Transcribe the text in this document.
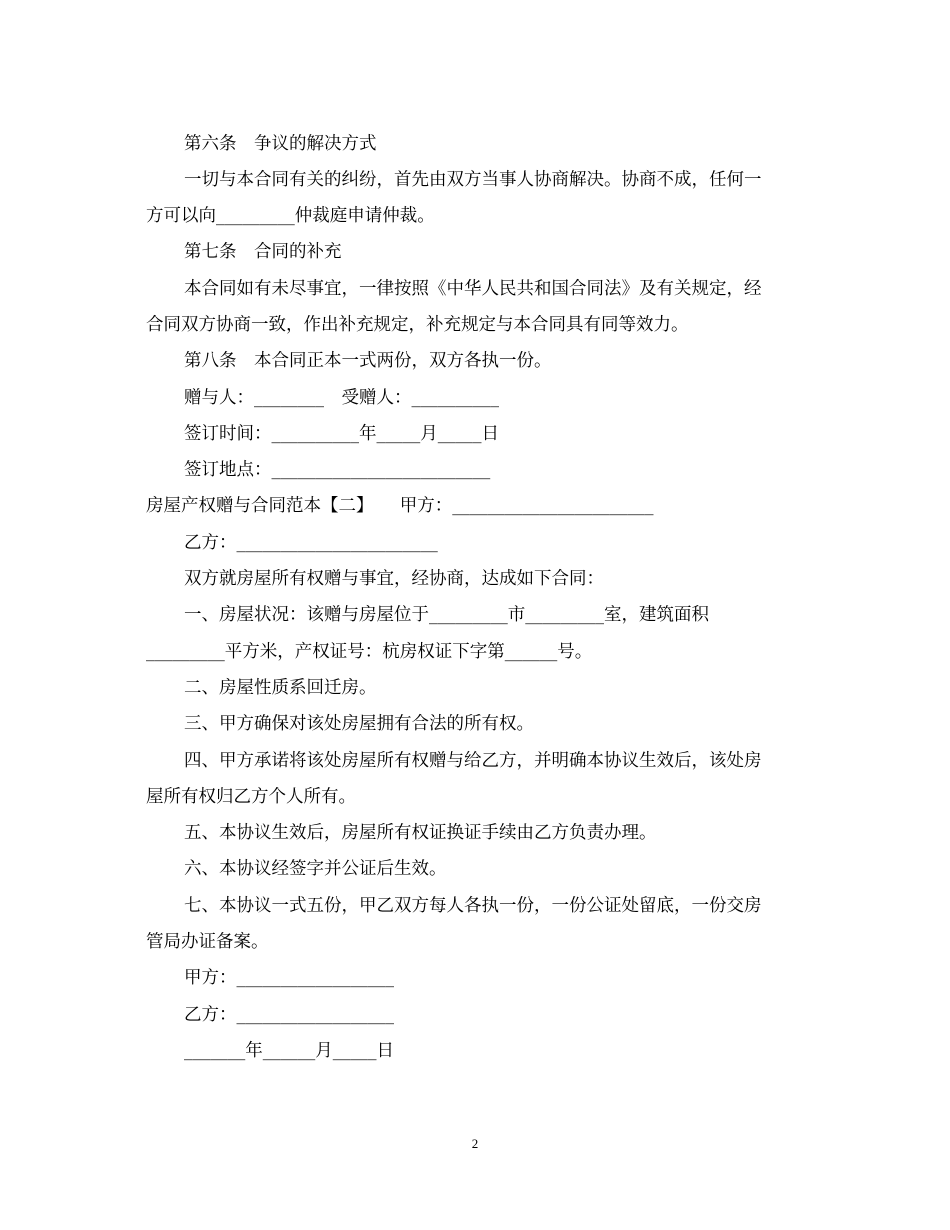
第六条　争议的解决方式
一切与本合同有关的纠纷，首先由双方当事人协商解决。协商不成，任何一
方可以向_________仲裁庭申请仲裁。
第七条　合同的补充
本合同如有未尽事宜，一律按照《中华人民共和国合同法》及有关规定，经
合同双方协商一致，作出补充规定，补充规定与本合同具有同等效力。
第八条　本合同正本一式两份，双方各执一份。
赠与人：________　受赠人：__________
签订时间：__________年_____月_____日
签订地点：_________________________
房屋产权赠与合同范本【二】　　甲方：_______________________
乙方：_______________________
双方就房屋所有权赠与事宜，经协商，达成如下合同：
一、房屋状况：该赠与房屋位于_________市_________室，建筑面积
_________平方米，产权证号：杭房权证下字第______号。
二、房屋性质系回迁房。
三、甲方确保对该处房屋拥有合法的所有权。
四、甲方承诺将该处房屋所有权赠与给乙方，并明确本协议生效后，该处房
屋所有权归乙方个人所有。
五、本协议生效后，房屋所有权证换证手续由乙方负责办理。
六、本协议经签字并公证后生效。
七、本协议一式五份，甲乙双方每人各执一份，一份公证处留底，一份交房
管局办证备案。
甲方：__________________
乙方：__________________
_______年______月_____日
2
